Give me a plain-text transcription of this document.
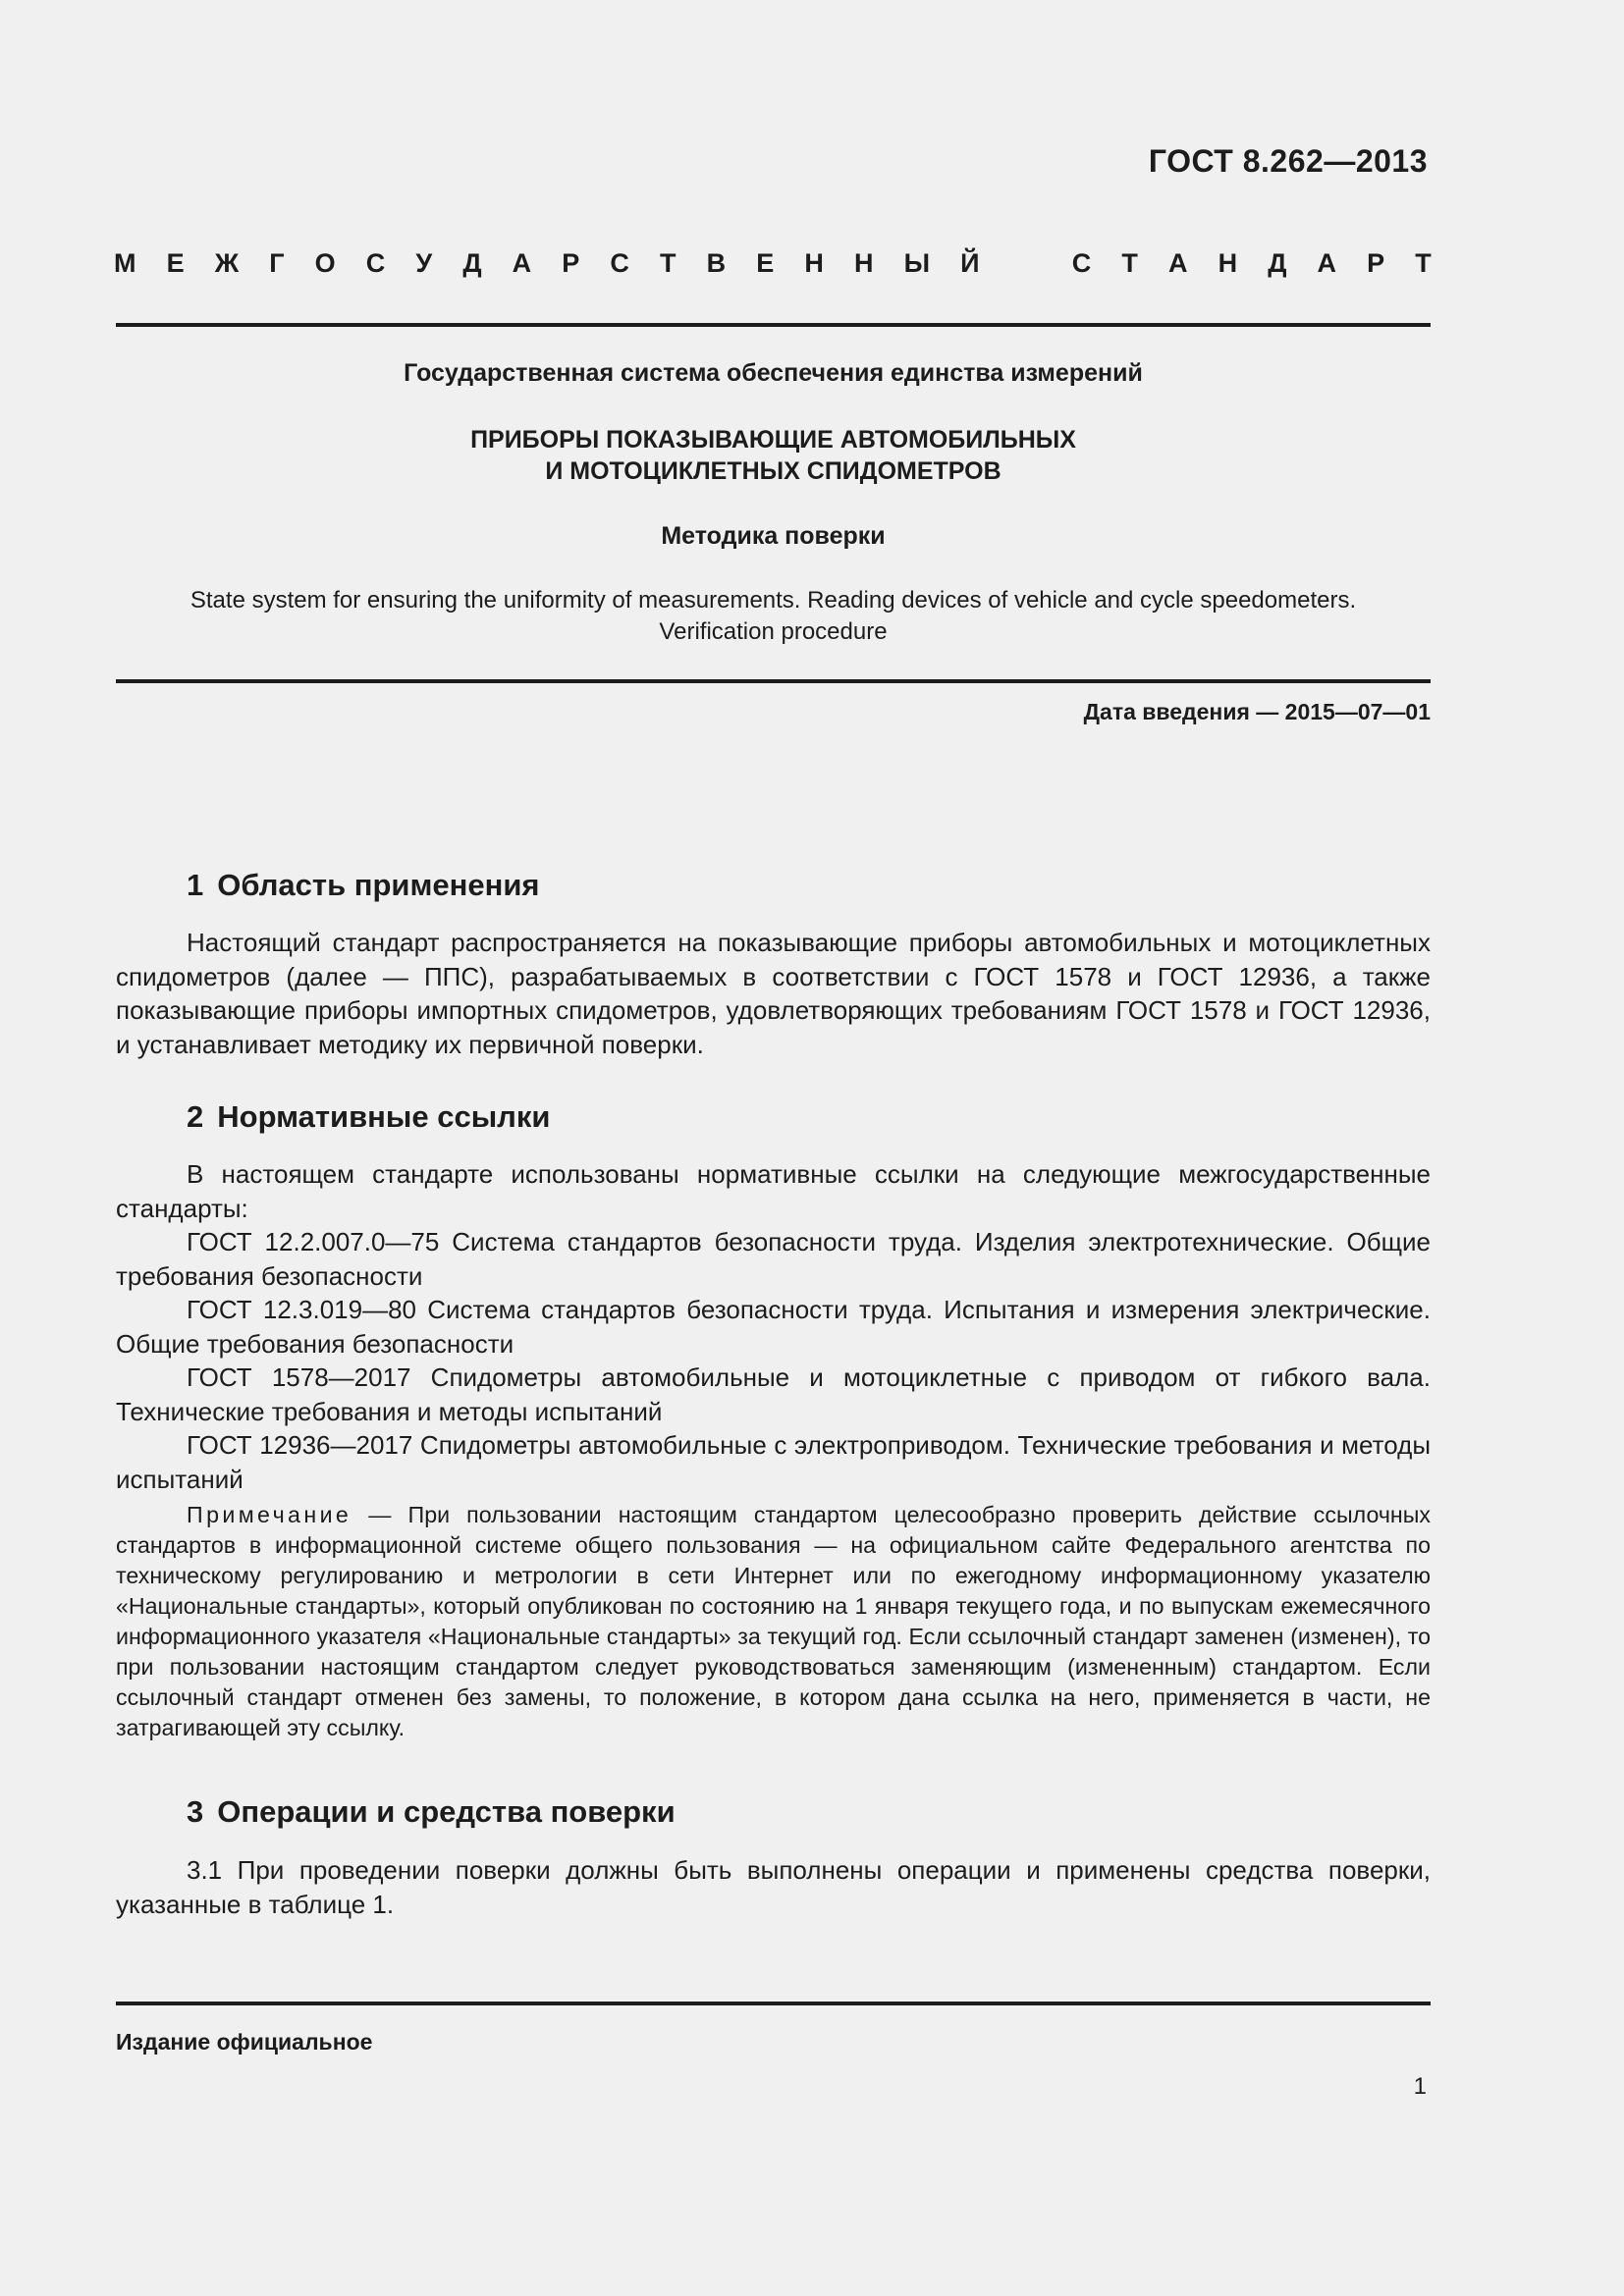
ГОСТ 8.262—2013
М Е Ж Г О С У Д А Р С Т В Е Н Н Ы Й	С Т А Н Д А Р Т
Государственная система обеспечения единства измерений
ПРИБОРЫ ПОКАЗЫВАЮЩИЕ АВТОМОБИЛЬНЫХ
И МОТОЦИКЛЕТНЫХ СПИДОМЕТРОВ
Методика поверки
State system for ensuring the uniformity of measurements. Reading devices of vehicle and cycle speedometers.
Verification procedure
Дата введения — 2015—07—01
1 Область применения

Настоящий стандарт распространяется на показывающие приборы автомобильных и мотоциклетных спидометров (далее — ППС), разрабатываемых в соответствии с ГОСТ 1578 и ГОСТ 12936, а также показывающие приборы импортных спидометров, удовлетворяющих требованиям ГОСТ 1578 и ГОСТ 12936, и устанавливает методику их первичной поверки.

2 Нормативные ссылки

В настоящем стандарте использованы нормативные ссылки на следующие межгосударственные стандарты:

ГОСТ 12.2.007.0—75 Система стандартов безопасности труда. Изделия электротехнические. Общие требования безопасности

ГОСТ 12.3.019—80 Система стандартов безопасности труда. Испытания и измерения электрические. Общие требования безопасности

ГОСТ 1578—2017 Спидометры автомобильные и мотоциклетные с приводом от гибкого вала. Технические требования и методы испытаний

ГОСТ 12936—2017 Спидометры автомобильные с электроприводом. Технические требования и методы испытаний

Примечание — При пользовании настоящим стандартом целесообразно проверить действие ссылочных стандартов в информационной системе общего пользования — на официальном сайте Федерального агентства по техническому регулированию и метрологии в сети Интернет или по ежегодному информационному указателю «Национальные стандарты», который опубликован по состоянию на 1 января текущего года, и по выпускам ежемесячного информационного указателя «Национальные стандарты» за текущий год. Если ссылочный стандарт заменен (изменен), то при пользовании настоящим стандартом следует руководствоваться заменяющим (измененным) стандартом. Если ссылочный стандарт отменен без замены, то положение, в котором дана ссылка на него, применяется в части, не затрагивающей эту ссылку.

3 Операции и средства поверки

3.1 При проведении поверки должны быть выполнены операции и применены средства поверки, указанные в таблице 1.

Издание официальное
1
